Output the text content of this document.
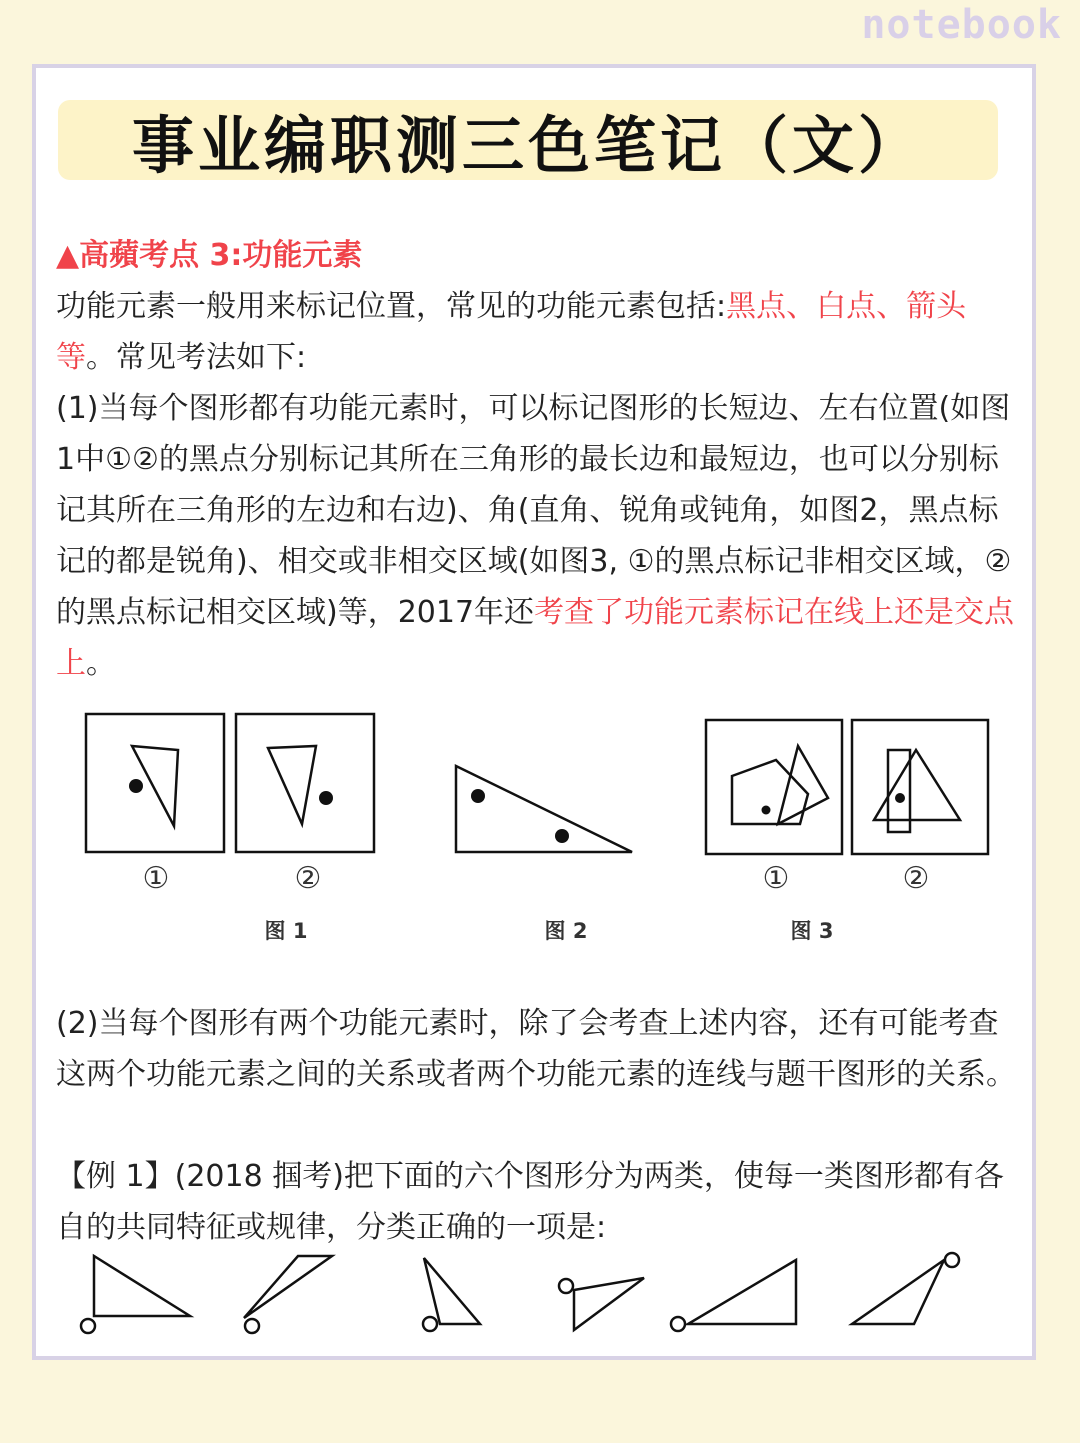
notebook
事业编职测三色笔记（文）
▲高蘋考点 3:功能元素
功能元素一般用来标记位置，常见的功能元素包括:黑点、白点、箭头等。常见考法如下:
(1)当每个图形都有功能元素时，可以标记图形的长短边、左右位置(如图1中①②的黑点分别标记其所在三角形的最长边和最短边，也可以分别标记其所在三角形的左边和右边)、角(直角、锐角或钝角，如图2，黑点标记的都是锐角)、相交或非相交区域(如图3, ①的黑点标记非相交区域，②的黑点标记相交区域)等，2017年还考查了功能元素标记在线上还是交点上。
①	②	①	②
图 1	图 2	图 3
(2)当每个图形有两个功能元素时，除了会考查上述内容，还有可能考查这两个功能元素之间的关系或者两个功能元素的连线与题干图形的关系。
【例 1】(2018 掴考)把下面的六个图形分为两类，使每一类图形都有各自的共同特征或规律，分类正确的一项是:
